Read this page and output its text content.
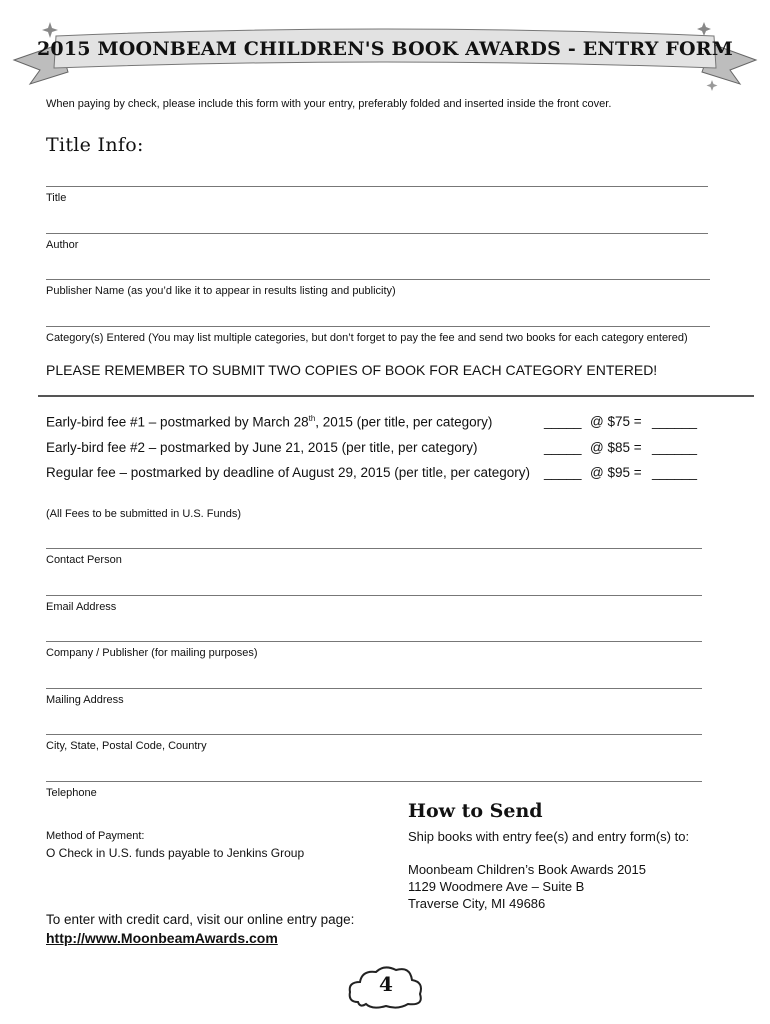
2015 MOONBEAM CHILDREN'S BOOK AWARDS - ENTRY FORM
When paying by check, please include this form with your entry, preferably folded and inserted inside the front cover.
Title Info:
Title
Author
Publisher Name (as you’d like it to appear in results listing and publicity)
Category(s) Entered (You may list multiple categories, but don’t forget to pay the fee and send two books for each category entered)
PLEASE REMEMBER TO SUBMIT TWO COPIES OF BOOK FOR EACH CATEGORY ENTERED!
Early-bird fee #1 – postmarked by March 28th, 2015 (per title, per category)	_____ @ $75 = ______
Early-bird fee #2 – postmarked by June 21, 2015 (per title, per category)	_____ @ $85 = ______
Regular fee – postmarked by deadline of August 29, 2015 (per title, per category) _____ @ $95 = ______
(All Fees to be submitted in U.S. Funds)
Contact Person
Email Address
Company / Publisher (for mailing purposes)
Mailing Address
City, State, Postal Code, Country
Telephone
Method of Payment:
O Check in U.S. funds payable to Jenkins Group
To enter with credit card, visit our online entry page:
http://www.MoonbeamAwards.com
How to Send
Ship books with entry fee(s) and entry form(s) to:
Moonbeam Children’s Book Awards 2015
1129 Woodmere Ave – Suite B
Traverse City, MI 49686
4
